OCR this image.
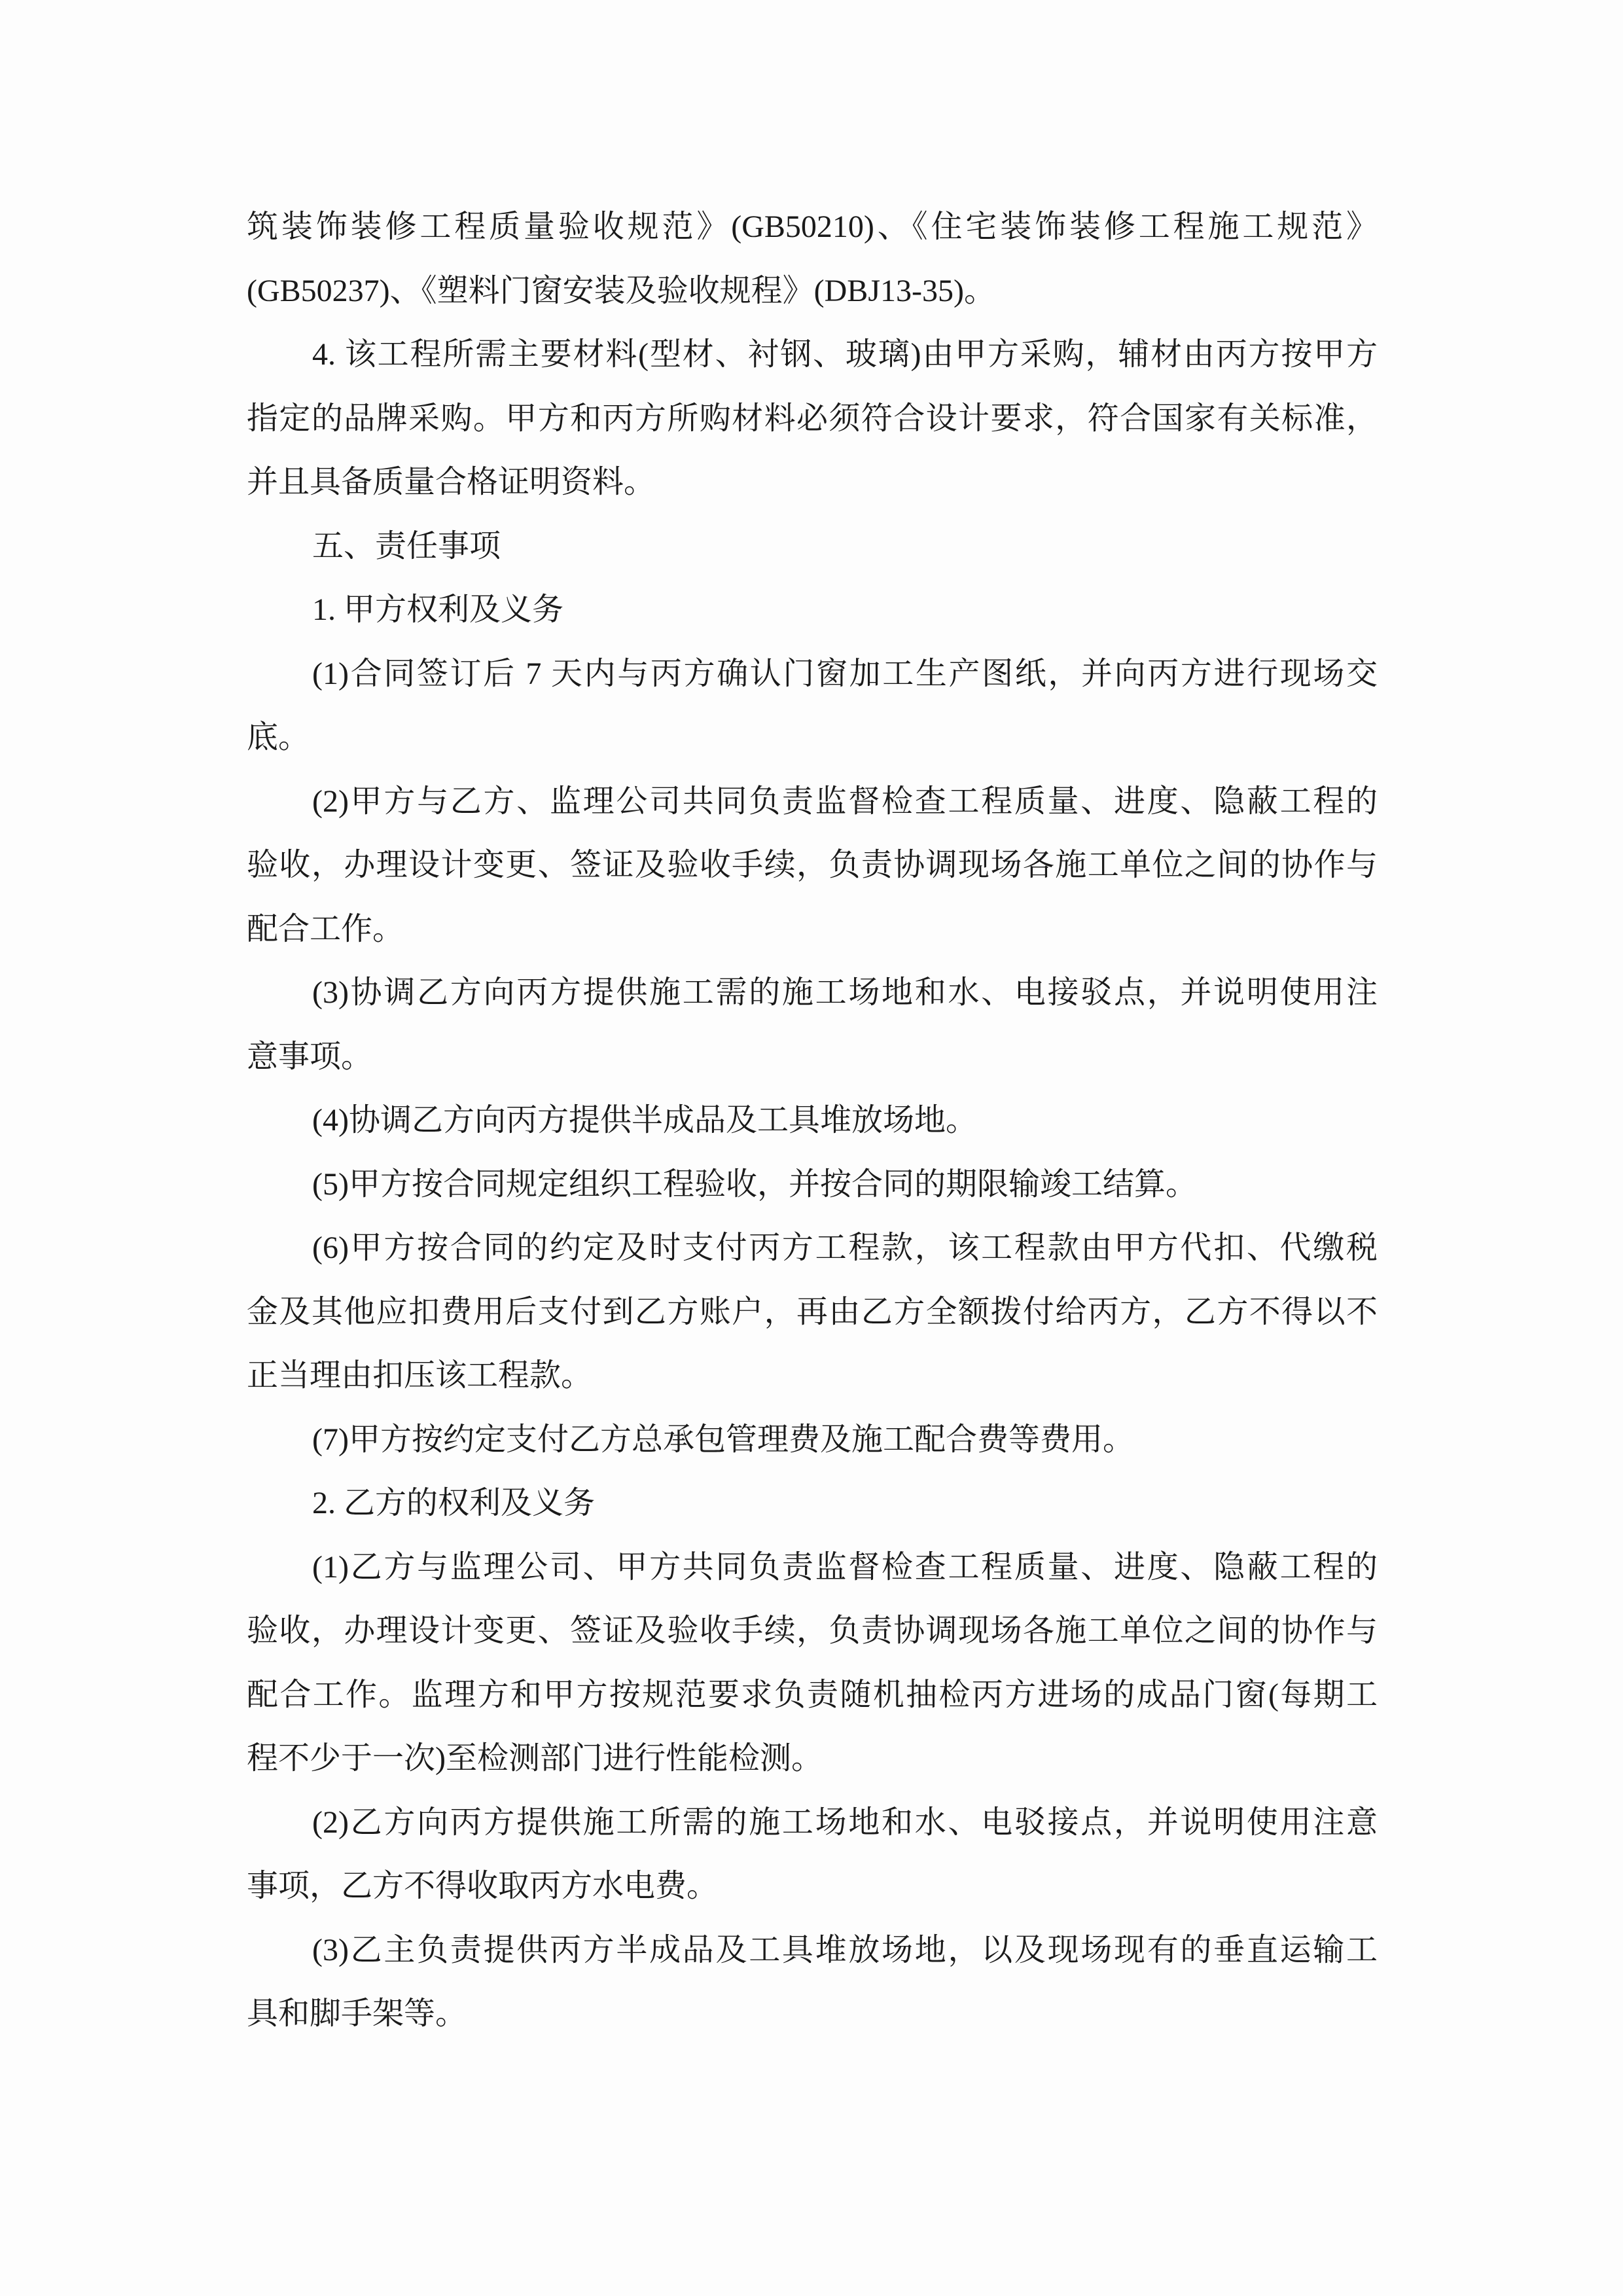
筑装饰装修工程质量验收规范》(GB50210)、《住宅装饰装修工程施工规范》
(GB50237)、《塑料门窗安装及验收规程》(DBJ13-35)。
4. 该工程所需主要材料(型材、衬钢、玻璃)由甲方采购，辅材由丙方按甲方
指定的品牌采购。甲方和丙方所购材料必须符合设计要求，符合国家有关标准，
并且具备质量合格证明资料。
五、责任事项
1. 甲方权利及义务
(1)合同签订后 7 天内与丙方确认门窗加工生产图纸，并向丙方进行现场交
底。
(2)甲方与乙方、监理公司共同负责监督检查工程质量、进度、隐蔽工程的
验收，办理设计变更、签证及验收手续，负责协调现场各施工单位之间的协作与
配合工作。
(3)协调乙方向丙方提供施工需的施工场地和水、电接驳点，并说明使用注
意事项。
(4)协调乙方向丙方提供半成品及工具堆放场地。
(5)甲方按合同规定组织工程验收，并按合同的期限输竣工结算。
(6)甲方按合同的约定及时支付丙方工程款，该工程款由甲方代扣、代缴税
金及其他应扣费用后支付到乙方账户，再由乙方全额拨付给丙方，乙方不得以不
正当理由扣压该工程款。
(7)甲方按约定支付乙方总承包管理费及施工配合费等费用。
2. 乙方的权利及义务
(1)乙方与监理公司、甲方共同负责监督检查工程质量、进度、隐蔽工程的
验收，办理设计变更、签证及验收手续，负责协调现场各施工单位之间的协作与
配合工作。监理方和甲方按规范要求负责随机抽检丙方进场的成品门窗(每期工
程不少于一次)至检测部门进行性能检测。
(2)乙方向丙方提供施工所需的施工场地和水、电驳接点，并说明使用注意
事项，乙方不得收取丙方水电费。
(3)乙主负责提供丙方半成品及工具堆放场地，以及现场现有的垂直运输工
具和脚手架等。
